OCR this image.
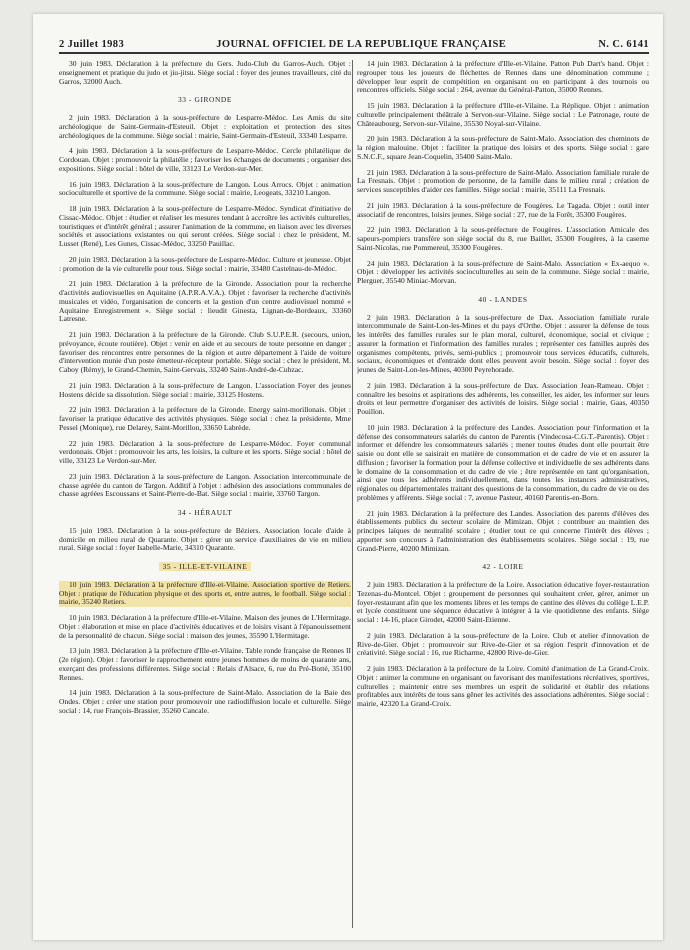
2 Juillet 1983	JOURNAL OFFICIEL DE LA REPUBLIQUE FRANÇAISE	N. C. 6141

30 juin 1983. Déclaration à la préfecture du Gers. Judo-Club du Garros-Auch. Objet : enseignement et pratique du judo et jiu-jitsu. Siège social : foyer des jeunes travailleurs, cité du Garros, 32000 Auch.

33 - GIRONDE

2 juin 1983. Déclaration à la sous-préfecture de Lesparre-Médoc. Les Amis du site archéologique de Saint-Germain-d'Esteuil. Objet : exploitation et protection des sites archéologiques de la commune. Siège social : mairie, Saint-Germain-d'Esteuil, 33340 Lesparre.

4 juin 1983. Déclaration à la sous-préfecture de Lesparre-Médoc. Cercle philatélique de Cordouan. Objet : promouvoir la philatélie ; favoriser les échanges de documents ; organiser des expositions. Siège social : hôtel de ville, 33123 Le Verdon-sur-Mer.

16 juin 1983. Déclaration à la sous-préfecture de Langon. Lous Arrocs. Objet : animation socioculturelle et sportive de la commune. Siège social : mairie, Leogeats, 33210 Langon.

18 juin 1983. Déclaration à la sous-préfecture de Lesparre-Médoc. Syndicat d'initiative de Cissac-Médoc. Objet : étudier et réaliser les mesures tendant à accroître les activités culturelles, touristiques et d'intérêt général ; assurer l'animation de la commune, en liaison avec les diverses sociétés et associations existantes ou qui seront créées. Siège social : chez le président, M. Lusset (René), Les Gunes, Cissac-Médoc, 33250 Pauillac.

20 juin 1983. Déclaration à la sous-préfecture de Lesparre-Médoc. Culture et jeunesse. Objet : promotion de la vie culturelle pour tous. Siège social : mairie, 33480 Castelnau-de-Médoc.

21 juin 1983. Déclaration à la préfecture de la Gironde. Association pour la recherche d'activités audiovisuelles en Aquitaine (A.P.R.A.V.A.). Objet : favoriser la recherche d'activités musicales et vidéo, l'organisation de concerts et la gestion d'un centre audiovisuel nommé « Aquitaine Enregistrement ». Siège social : lieudit Ginesta, Lignan-de-Bordeaux, 33360 Latresne.

21 juin 1983. Déclaration à la préfecture de la Gironde. Club S.U.P.E.R. (secours, union, prévoyance, écoute routière). Objet : venir en aide et au secours de toute personne en danger ; favoriser des rencontres entre personnes de la région et autre département à l'aide de voiture d'intervention munie d'un poste émetteur-récepteur portable. Siège social : chez le président, M. Caboy (Rémy), le Grand-Chemin, Saint-Gervais, 33240 Saint-André-de-Cubzac.

21 juin 1983. Déclaration à la sous-préfecture de Langon. L'association Foyer des jeunes Hostens décide sa dissolution. Siège social : mairie, 33125 Hostens.

22 juin 1983. Déclaration à la préfecture de la Gironde. Energy saint-morillonais. Objet : favoriser la pratique éducative des activités physiques. Siège social : chez la présidente, Mme Pessel (Monique), rue Delarey, Saint-Morillon, 33650 Labrède.

22 juin 1983. Déclaration à la sous-préfecture de Lesparre-Médoc. Foyer communal verdonnais. Objet : promouvoir les arts, les loisirs, la culture et les sports. Siège social : hôtel de ville, 33123 Le Verdon-sur-Mer.

23 juin 1983. Déclaration à la sous-préfecture de Langon. Association intercommunale de chasse agréée du canton de Targon. Additif à l'objet : adhésion des associations communales de chasse agréées Escoussans et Saint-Pierre-de-Bat. Siège social : mairie, 33760 Targon.

34 - HÉRAULT

15 juin 1983. Déclaration à la sous-préfecture de Béziers. Association locale d'aide à domicile en milieu rural de Quarante. Objet : gérer un service d'auxiliaires de vie en milieu rural. Siège social : foyer Isabelle-Marie, 34310 Quarante.

35 - ILLE-ET-VILAINE

10 juin 1983. Déclaration à la préfecture d'Ille-et-Vilaine. Association sportive de Retiers. Objet : pratique de l'éducation physique et des sports et, entre autres, le football. Siège social : mairie, 35240 Retiers.

10 juin 1983. Déclaration à la préfecture d'Ille-et-Vilaine. Maison des jeunes de L'Hermitage. Objet : élaboration et mise en place d'activités éducatives et de loisirs visant à l'épanouissement de la personnalité de chacun. Siège social : maison des jeunes, 35590 L'Hermitage.

13 juin 1983. Déclaration à la préfecture d'Ille-et-Vilaine. Table ronde française de Rennes II (2e région). Objet : favoriser le rapprochement entre jeunes hommes de moins de quarante ans, exerçant des professions différentes. Siège social : Relais d'Alsace, 6, rue du Pré-Botté, 35100 Rennes.

14 juin 1983. Déclaration à la sous-préfecture de Saint-Malo. Association de la Baie des Ondes. Objet : créer une station pour promouvoir une radiodiffusion locale et culturelle. Siège social : 14, rue François-Brassier, 35260 Cancale.

14 juin 1983. Déclaration à la préfecture d'Ille-et-Vilaine. Patton Pub Dart's band. Objet : regrouper tous les joueurs de fléchettes de Rennes dans une dénomination commune ; développer leur esprit de compétition en organisant ou en participant à des tournois ou rencontres officiels. Siège social : 264, avenue du Général-Patton, 35000 Rennes.

15 juin 1983. Déclaration à la préfecture d'Ille-et-Vilaine. La Réplique. Objet : animation culturelle principalement théâtrale à Servon-sur-Vilaine. Siège social : Le Patronage, route de Châteaubourg, Servon-sur-Vilaine, 35530 Noyal-sur-Vilaine.

20 juin 1983. Déclaration à la sous-préfecture de Saint-Malo. Association des cheminots de la région malouine. Objet : faciliter la pratique des loisirs et des sports. Siège social : gare S.N.C.F., square Jean-Coquelin, 35400 Saint-Malo.

21 juin 1983. Déclaration à la sous-préfecture de Saint-Malo. Association familiale rurale de La Fresnais. Objet : promotion de personne, de la famille dans le milieu rural ; création de services susceptibles d'aider ces familles. Siège social : mairie, 35111 La Fresnais.

21 juin 1983. Déclaration à la sous-préfecture de Fougères. Le Tagada. Objet : outil inter associatif de rencontres, loisirs jeunes. Siège social : 27, rue de la Forêt, 35300 Fougères.

22 juin 1983. Déclaration à la sous-préfecture de Fougères. L'association Amicale des sapeurs-pompiers transfère son siège social du 8, rue Baillet, 35300 Fougères, à la caserne Saint-Nicolas, rue Pommereul, 35300 Fougères.

24 juin 1983. Déclaration à la sous-préfecture de Saint-Malo. Association « Ex-aequo ». Objet : développer les activités socioculturelles au sein de la commune. Siège social : mairie, Plerguer, 35540 Miniac-Morvan.

40 - LANDES

2 juin 1983. Déclaration à la sous-préfecture de Dax. Association familiale rurale intercommunale de Saint-Lon-les-Mines et du pays d'Orthe. Objet : assurer la défense de tous les intérêts des familles rurales sur le plan moral, culturel, économique, social et civique ; assurer la formation et l'information des familles rurales ; représenter ces familles auprès des organismes compétents, privés, semi-publics ; promouvoir tous services éducatifs, culturels, sociaux, économiques et d'entraide dont elles peuvent avoir besoin. Siège social : foyer des jeunes de Saint-Lon-les-Mines, 40300 Peyrehorade.

2 juin 1983. Déclaration à la sous-préfecture de Dax. Association Jean-Rameau. Objet : connaître les besoins et aspirations des adhérents, les conseiller, les aider, les informer sur leurs droits et leur permettre d'organiser des activités de loisirs. Siège social : mairie, Gaas, 40350 Pouillon.

10 juin 1983. Déclaration à la préfecture des Landes. Association pour l'information et la défense des consommateurs salariés du canton de Parentis (Vindecosa-C.G.T.-Parentis). Objet : informer et défendre les consommateurs salariés ; mener toutes études dont elle pourrait être saisie ou dont elle se saisirait en matière de consommation et de cadre de vie et en assurer la diffusion ; favoriser la formation pour la défense collective et individuelle de ses adhérents dans le domaine de la consommation et du cadre de vie ; être représentée en tant qu'organisation, ainsi que tous les adhérents individuellement, dans toutes les instances administratives, régionales ou départementales traitant des questions de la consommation, du cadre de vie ou des problèmes y afférents. Siège social : 7, avenue Pasteur, 40160 Parentis-en-Born.

21 juin 1983. Déclaration à la préfecture des Landes. Association des parents d'élèves des établissements publics du secteur scolaire de Mimizan. Objet : contribuer au maintien des principes laïques de neutralité scolaire ; étudier tout ce qui concerne l'intérêt des élèves ; apporter son concours à l'administration des établissements scolaires. Siège social : 19, rue Grand-Pierre, 40200 Mimizan.

42 - LOIRE

2 juin 1983. Déclaration à la préfecture de la Loire. Association éducative foyer-restauration Tezenas-du-Montcel. Objet : groupement de personnes qui souhaitent créer, gérer, animer un foyer-restaurant afin que les moments libres et les temps de cantine des élèves du collège L.E.P. et lycée constituent une séquence éducative à intégrer à la vie quotidienne des enfants. Siège social : 14-16, place Girodet, 42000 Saint-Etienne.

2 juin 1983. Déclaration à la sous-préfecture de la Loire. Club et atelier d'innovation de Rive-de-Gier. Objet : promouvoir sur Rive-de-Gier et sa région l'esprit d'innovation et de créativité. Siège social : 16, rue Richarme, 42800 Rive-de-Gier.

2 juin 1983. Déclaration à la préfecture de la Loire. Comité d'animation de La Grand-Croix. Objet : animer la commune en organisant ou favorisant des manifestations récréatives, sportives, culturelles ; maintenir entre ses membres un esprit de solidarité et établir des relations profitables aux intérêts de tous sans gêner les activités des associations adhérentes. Siège social : mairie, 42320 La Grand-Croix.
